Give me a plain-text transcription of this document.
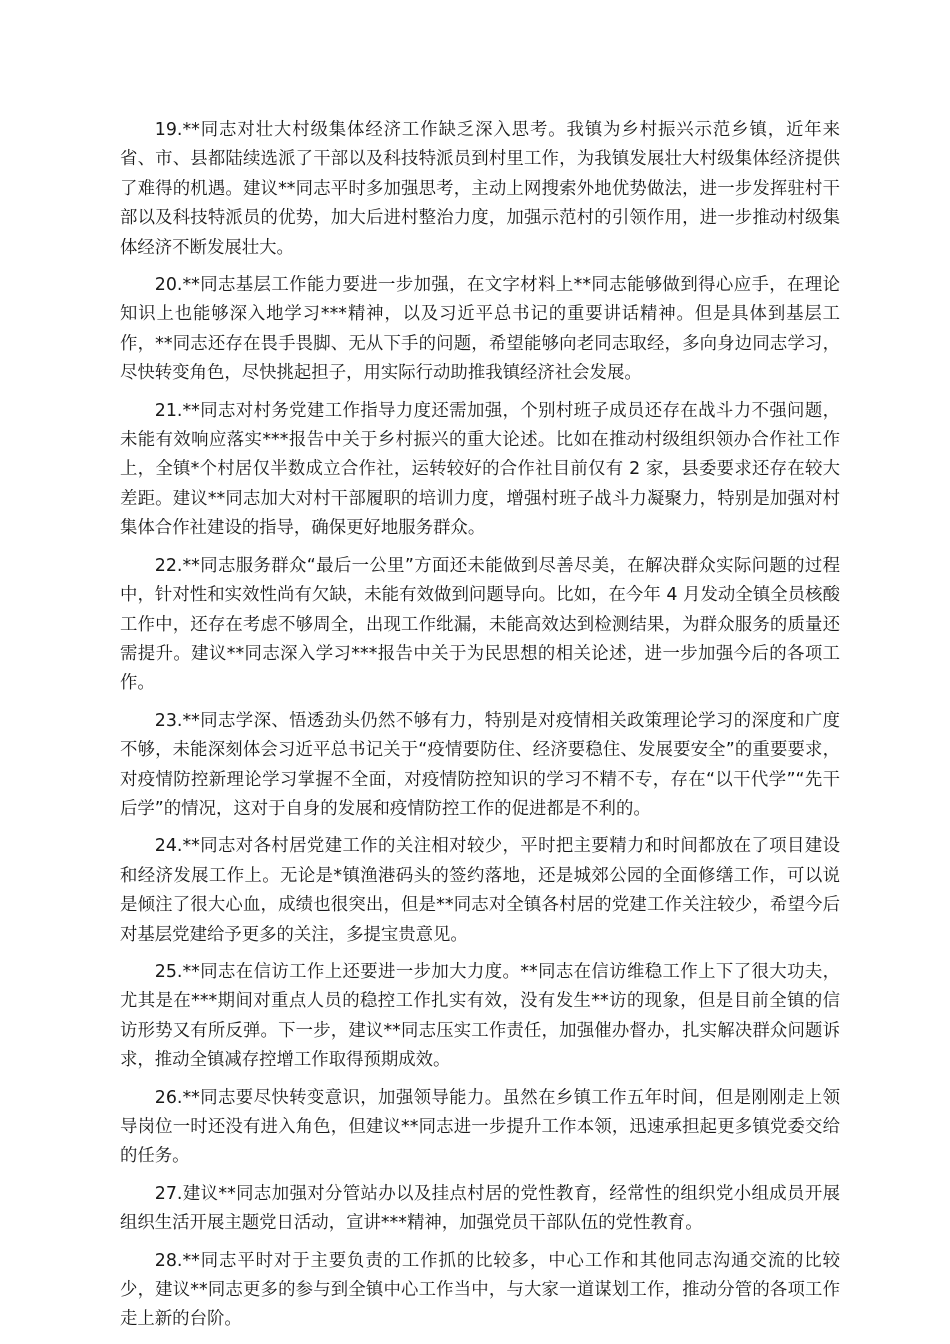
19.**同志对壮大村级集体经济工作缺乏深入思考。我镇为乡村振兴示范乡镇，近年来省、市、县都陆续选派了干部以及科技特派员到村里工作，为我镇发展壮大村级集体经济提供了难得的机遇。建议**同志平时多加强思考，主动上网搜索外地优势做法，进一步发挥驻村干部以及科技特派员的优势，加大后进村整治力度，加强示范村的引领作用，进一步推动村级集体经济不断发展壮大。

20.**同志基层工作能力要进一步加强，在文字材料上**同志能够做到得心应手，在理论知识上也能够深入地学习***精神，以及习近平总书记的重要讲话精神。但是具体到基层工作，**同志还存在畏手畏脚、无从下手的问题，希望能够向老同志取经，多向身边同志学习，尽快转变角色，尽快挑起担子，用实际行动助推我镇经济社会发展。

21.**同志对村务党建工作指导力度还需加强，个别村班子成员还存在战斗力不强问题，未能有效响应落实***报告中关于乡村振兴的重大论述。比如在推动村级组织领办合作社工作上，全镇*个村居仅半数成立合作社，运转较好的合作社目前仅有 2 家，县委要求还存在较大差距。建议**同志加大对村干部履职的培训力度，增强村班子战斗力凝聚力，特别是加强对村集体合作社建设的指导，确保更好地服务群众。

22.**同志服务群众“最后一公里”方面还未能做到尽善尽美，在解决群众实际问题的过程中，针对性和实效性尚有欠缺，未能有效做到问题导向。比如，在今年 4 月发动全镇全员核酸工作中，还存在考虑不够周全，出现工作纰漏，未能高效达到检测结果，为群众服务的质量还需提升。建议**同志深入学习***报告中关于为民思想的相关论述，进一步加强今后的各项工作。

23.**同志学深、悟透劲头仍然不够有力，特别是对疫情相关政策理论学习的深度和广度不够，未能深刻体会习近平总书记关于“疫情要防住、经济要稳住、发展要安全”的重要要求，对疫情防控新理论学习掌握不全面，对疫情防控知识的学习不精不专，存在“以干代学”“先干后学”的情况，这对于自身的发展和疫情防控工作的促进都是不利的。

24.**同志对各村居党建工作的关注相对较少，平时把主要精力和时间都放在了项目建设和经济发展工作上。无论是*镇渔港码头的签约落地，还是城郊公园的全面修缮工作，可以说是倾注了很大心血，成绩也很突出，但是**同志对全镇各村居的党建工作关注较少，希望今后对基层党建给予更多的关注，多提宝贵意见。

25.**同志在信访工作上还要进一步加大力度。**同志在信访维稳工作上下了很大功夫，尤其是在***期间对重点人员的稳控工作扎实有效，没有发生**访的现象，但是目前全镇的信访形势又有所反弹。下一步，建议**同志压实工作责任，加强催办督办，扎实解决群众问题诉求，推动全镇减存控增工作取得预期成效。

26.**同志要尽快转变意识，加强领导能力。虽然在乡镇工作五年时间，但是刚刚走上领导岗位一时还没有进入角色，但建议**同志进一步提升工作本领，迅速承担起更多镇党委交给的任务。

27.建议**同志加强对分管站办以及挂点村居的党性教育，经常性的组织党小组成员开展组织生活开展主题党日活动，宣讲***精神，加强党员干部队伍的党性教育。

28.**同志平时对于主要负责的工作抓的比较多，中心工作和其他同志沟通交流的比较少，建议**同志更多的参与到全镇中心工作当中，与大家一道谋划工作，推动分管的各项工作走上新的台阶。
